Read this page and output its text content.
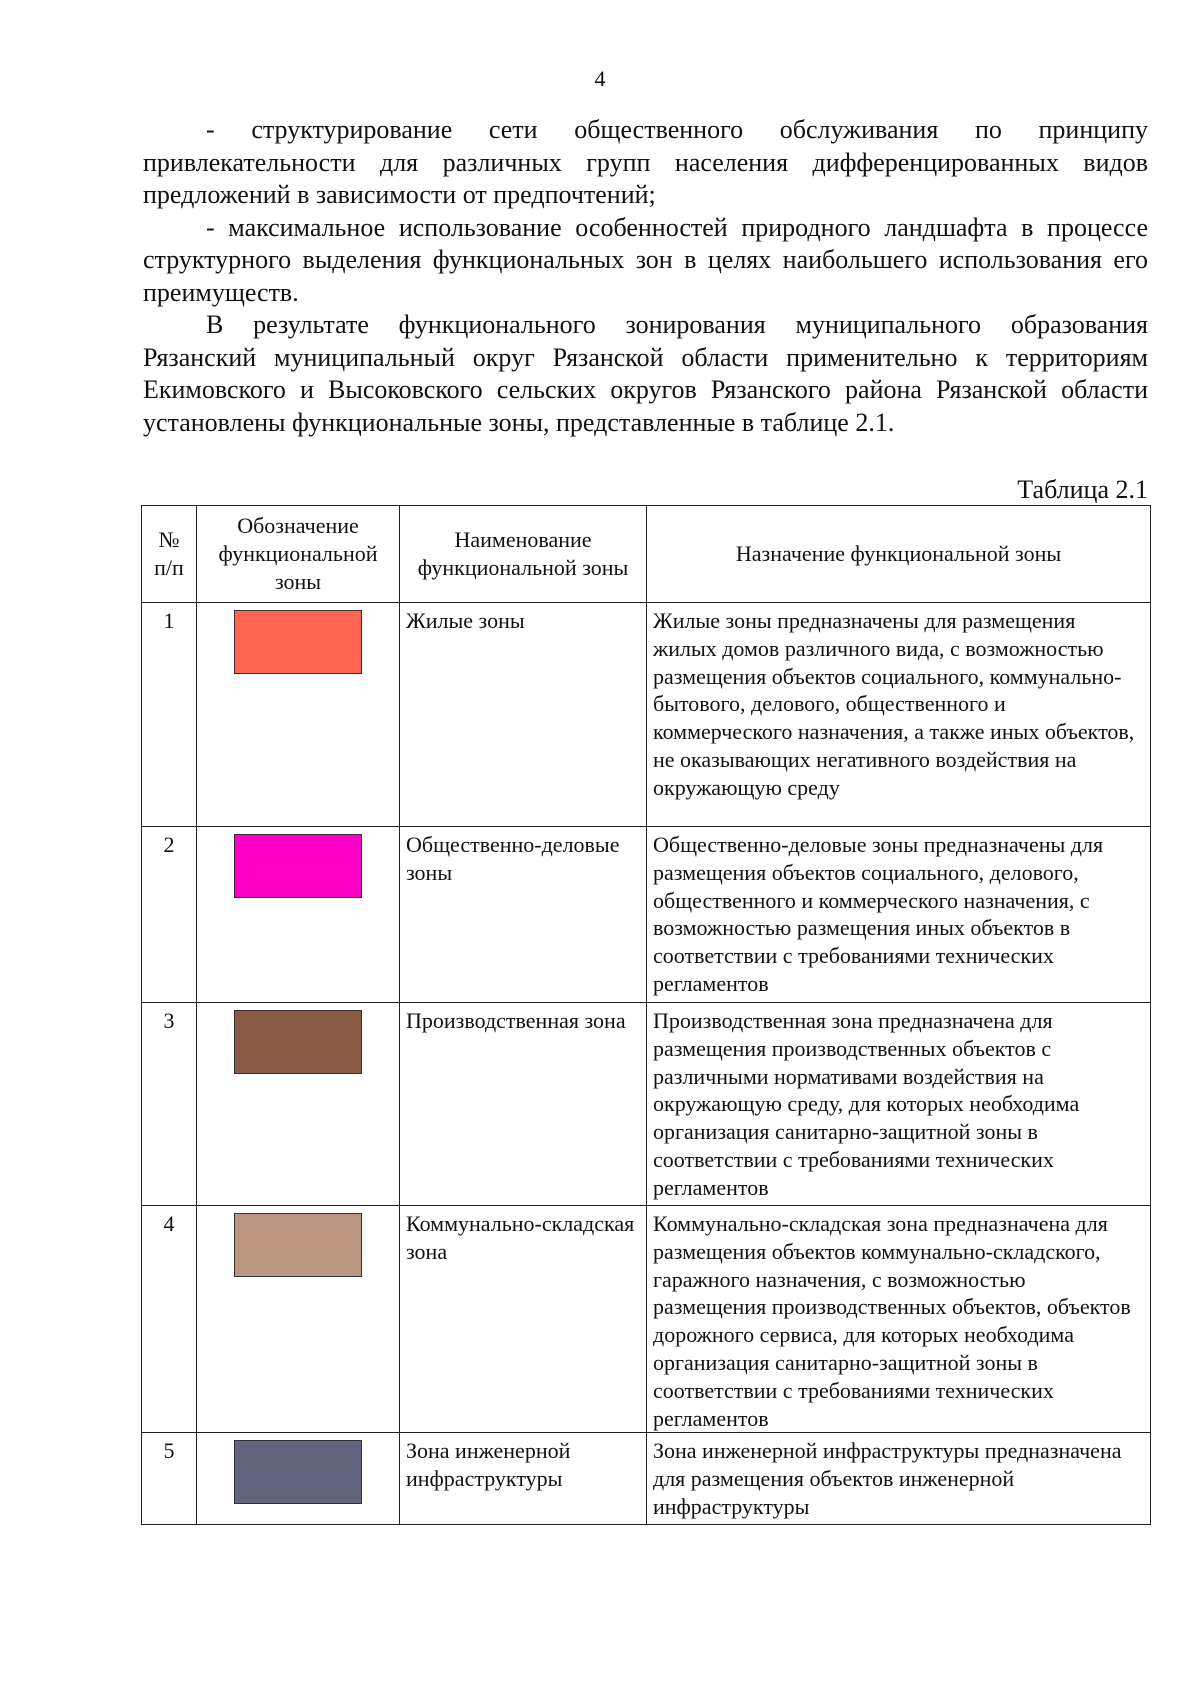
4

- структурирование сети общественного обслуживания по принципу привлекательности для различных групп населения дифференцированных видов предложений в зависимости от предпочтений;

- максимальное использование особенностей природного ландшафта в процессе структурного выделения функциональных зон в целях наибольшего использования его преимуществ.

В результате функционального зонирования муниципального образования Рязанский муниципальный округ Рязанской области применительно к территориям Екимовского и Высоковского сельских округов Рязанского района Рязанской области установлены функциональные зоны, представленные в таблице 2.1.

Таблица 2.1
№ п/п	Обозначение функциональной зоны	Наименование функциональной зоны	Назначение функциональной зоны
1		Жилые зоны	Жилые зоны предназначены для размещения жилых домов различного вида, с возможностью размещения объектов социального, коммунально-бытового, делового, общественного и коммерческого назначения, а также иных объектов, не оказывающих негативного воздействия на окружающую среду
2		Общественно-деловые зоны	Общественно-деловые зоны предназначены для размещения объектов социального, делового, общественного и коммерческого назначения, с возможностью размещения иных объектов в соответствии с требованиями технических регламентов
3		Производственная зона	Производственная зона предназначена для размещения производственных объектов с различными нормативами воздействия на окружающую среду, для которых необходима организация санитарно-защитной зоны в соответствии с требованиями технических регламентов
4		Коммунально-складская зона	Коммунально-складская зона предназначена для размещения объектов коммунально-складского, гаражного назначения, с возможностью размещения производственных объектов, объектов дорожного сервиса, для которых необходима организация санитарно-защитной зоны в соответствии с требованиями технических регламентов
5		Зона инженерной инфраструктуры	Зона инженерной инфраструктуры предназначена для размещения объектов инженерной инфраструктуры
